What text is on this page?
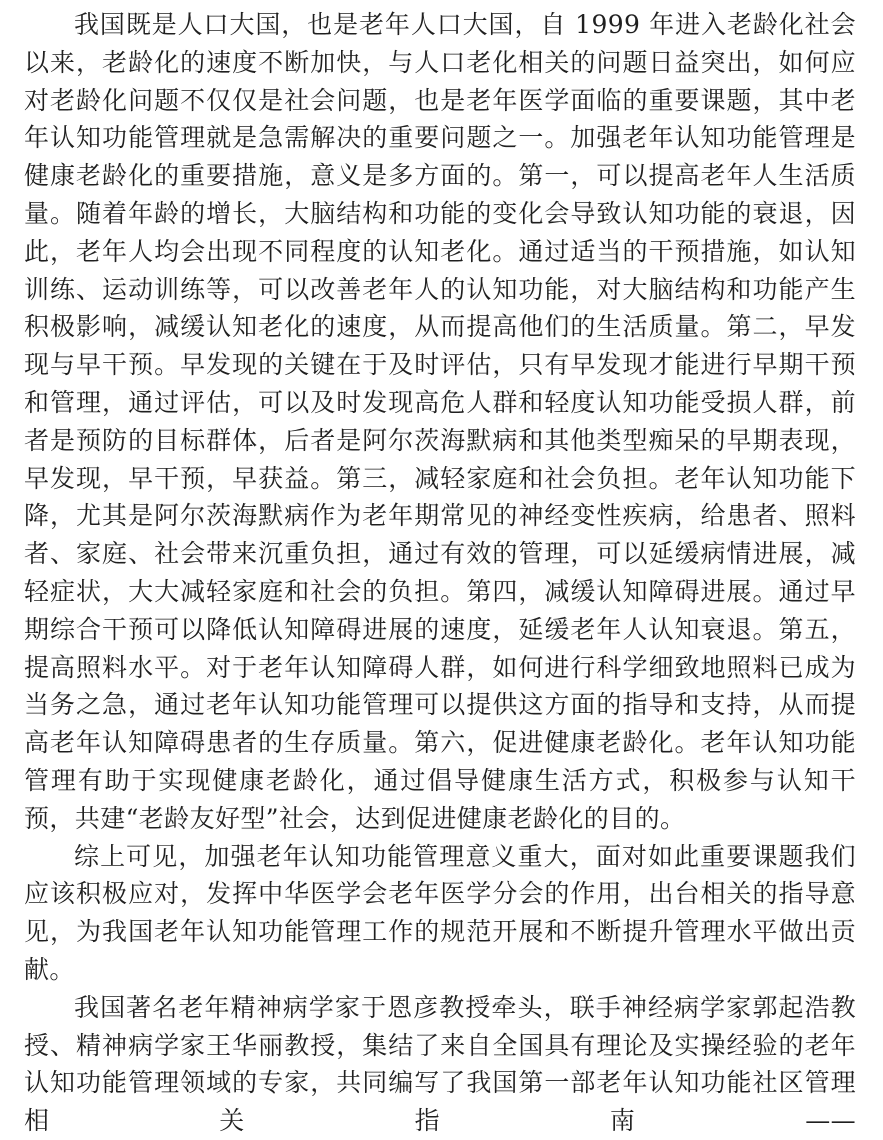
我国既是人口大国，也是老年人口大国，自 1999 年进入老龄化社会以来，老龄化的速度不断加快，与人口老化相关的问题日益突出，如何应对老龄化问题不仅仅是社会问题，也是老年医学面临的重要课题，其中老年认知功能管理就是急需解决的重要问题之一。加强老年认知功能管理是健康老龄化的重要措施，意义是多方面的。第一，可以提高老年人生活质量。随着年龄的增长，大脑结构和功能的变化会导致认知功能的衰退，因此，老年人均会出现不同程度的认知老化。通过适当的干预措施，如认知训练、运动训练等，可以改善老年人的认知功能，对大脑结构和功能产生积极影响，减缓认知老化的速度，从而提高他们的生活质量。第二，早发现与早干预。早发现的关键在于及时评估，只有早发现才能进行早期干预和管理，通过评估，可以及时发现高危人群和轻度认知功能受损人群，前者是预防的目标群体，后者是阿尔茨海默病和其他类型痴呆的早期表现，早发现，早干预，早获益。第三，减轻家庭和社会负担。老年认知功能下降，尤其是阿尔茨海默病作为老年期常见的神经变性疾病，给患者、照料者、家庭、社会带来沉重负担，通过有效的管理，可以延缓病情进展，减轻症状，大大减轻家庭和社会的负担。第四，减缓认知障碍进展。通过早期综合干预可以降低认知障碍进展的速度，延缓老年人认知衰退。第五，提高照料水平。对于老年认知障碍人群，如何进行科学细致地照料已成为当务之急，通过老年认知功能管理可以提供这方面的指导和支持，从而提高老年认知障碍患者的生存质量。第六，促进健康老龄化。老年认知功能管理有助于实现健康老龄化，通过倡导健康生活方式，积极参与认知干预，共建“老龄友好型”社会，达到促进健康老龄化的目的。

综上可见，加强老年认知功能管理意义重大，面对如此重要课题我们应该积极应对，发挥中华医学会老年医学分会的作用，出台相关的指导意见，为我国老年认知功能管理工作的规范开展和不断提升管理水平做出贡献。

我国著名老年精神病学家于恩彦教授牵头，联手神经病学家郭起浩教授、精神病学家王华丽教授，集结了来自全国具有理论及实操经验的老年认知功能管理领域的专家，共同编写了我国第一部老年认知功能社区管理相关指南——
